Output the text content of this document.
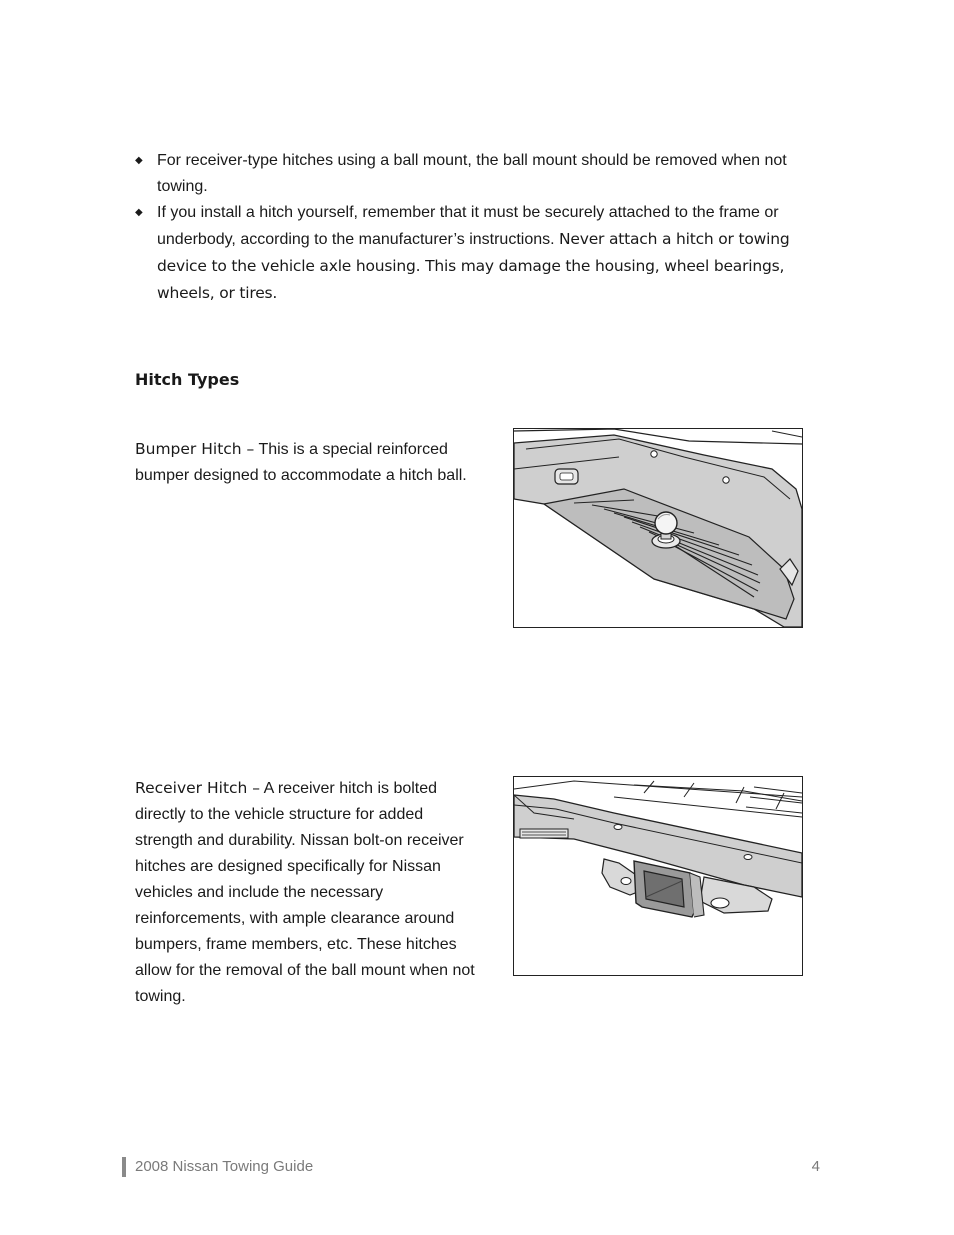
◆ For receiver-type hitches using a ball mount, the ball mount should be removed when not towing.
◆ If you install a hitch yourself, remember that it must be securely attached to the frame or underbody, according to the manufacturer’s instructions. Never attach a hitch or towing device to the vehicle axle housing. This may damage the housing, wheel bearings, wheels, or tires.
Hitch Types

Bumper Hitch – This is a special reinforced bumper designed to accommodate a hitch ball.

Receiver Hitch – A receiver hitch is bolted directly to the vehicle structure for added strength and durability. Nissan bolt-on receiver hitches are designed specifically for Nissan vehicles and include the necessary reinforcements, with ample clearance around bumpers, frame members, etc. These hitches allow for the removal of the ball mount when not towing.

2008 Nissan Towing Guide	4
